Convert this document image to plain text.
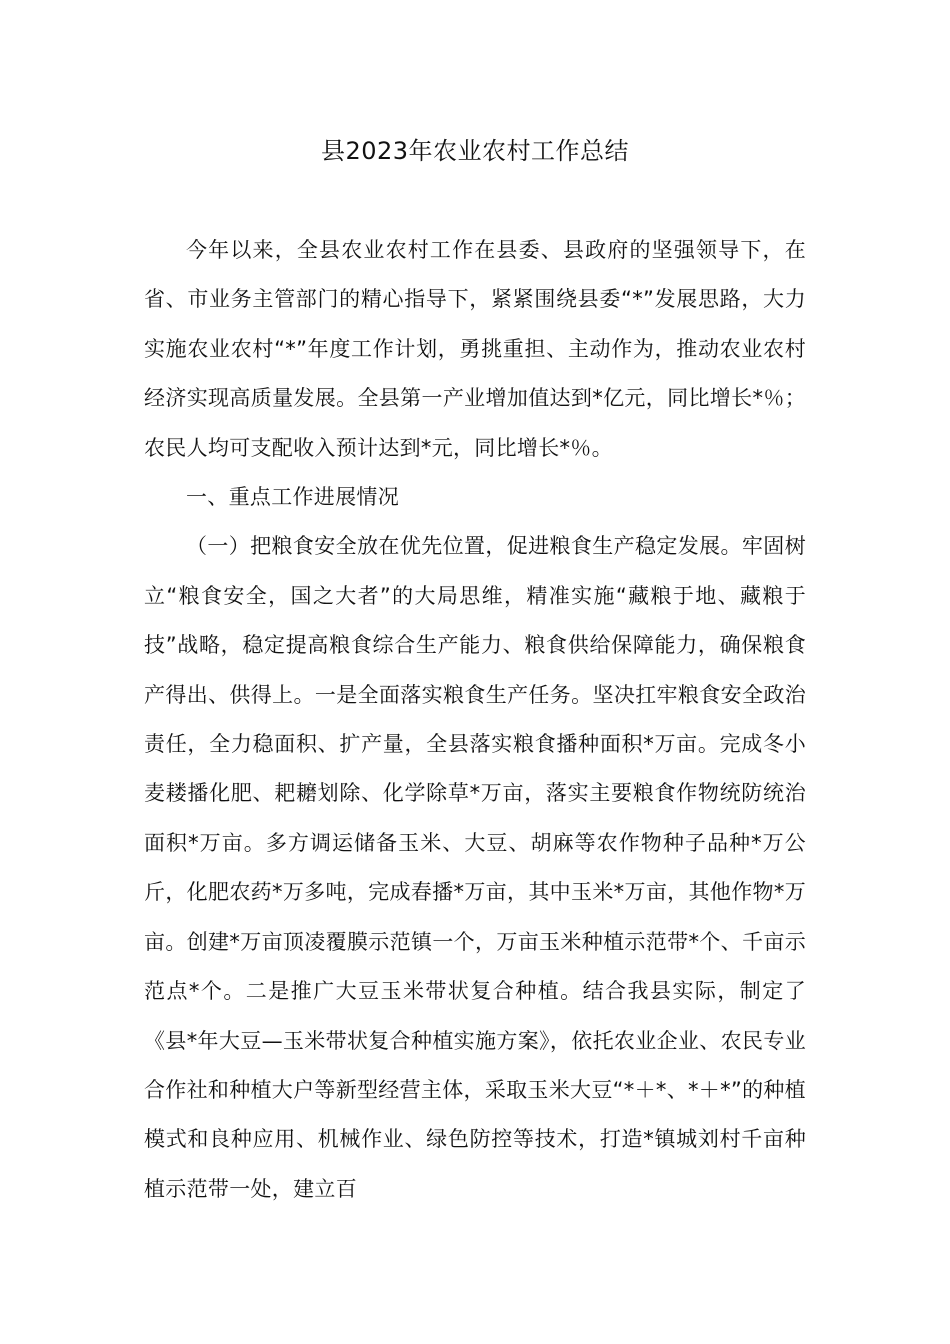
县2023年农业农村工作总结

今年以来，全县农业农村工作在县委、县政府的坚强领导下，在省、市业务主管部门的精心指导下，紧紧围绕县委“*”发展思路，大力实施农业农村“*”年度工作计划，勇挑重担、主动作为，推动农业农村经济实现高质量发展。全县第一产业增加值达到*亿元，同比增长*％；农民人均可支配收入预计达到*元，同比增长*％。

一、重点工作进展情况

（一）把粮食安全放在优先位置，促进粮食生产稳定发展。牢固树立“粮食安全，国之大者”的大局思维，精准实施“藏粮于地、藏粮于技”战略，稳定提高粮食综合生产能力、粮食供给保障能力，确保粮食产得出、供得上。一是全面落实粮食生产任务。坚决扛牢粮食安全政治责任，全力稳面积、扩产量，全县落实粮食播种面积*万亩。完成冬小麦耧播化肥、耙耱划除、化学除草*万亩，落实主要粮食作物统防统治面积*万亩。多方调运储备玉米、大豆、胡麻等农作物种子品种*万公斤，化肥农药*万多吨，完成春播*万亩，其中玉米*万亩，其他作物*万亩。创建*万亩顶凌覆膜示范镇一个，万亩玉米种植示范带*个、千亩示范点*个。二是推广大豆玉米带状复合种植。结合我县实际，制定了《县*年大豆—玉米带状复合种植实施方案》，依托农业企业、农民专业合作社和种植大户等新型经营主体，采取玉米大豆“*＋*、*＋*”的种植模式和良种应用、机械作业、绿色防控等技术，打造*镇城刘村千亩种植示范带一处，建立百
